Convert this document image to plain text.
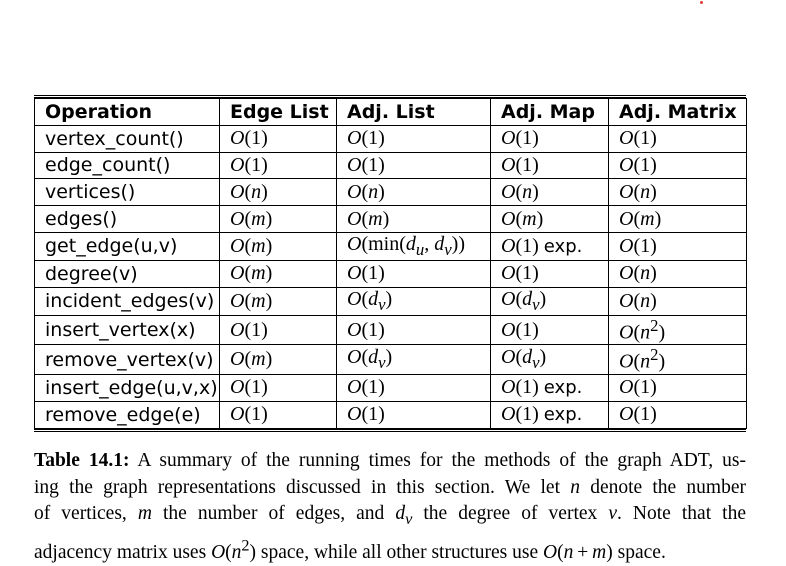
Operation	Edge List	Adj. List	Adj. Map	Adj. Matrix
vertex_count()	O(1)	O(1)	O(1)	O(1)
edge_count()	O(1)	O(1)	O(1)	O(1)
vertices()	O(n)	O(n)	O(n)	O(n)
edges()	O(m)	O(m)	O(m)	O(m)
get_edge(u,v)	O(m)	$O(\min(d_u$, $d_v$))	O(1) exp.	O(1)
degree(v)	O(m)	O(1)	O(1)	O(n)
incident_edges(v)	O(m)	$O(d_v)$	$O(d_v)$	O(n)
insert_vertex(x)	O(1)	O(1)	O(1)	$O(n^2)$
remove_vertex(v)	O(m)	$O(d_v)$	$O(d_v)$	$O(n^2)$
insert_edge(u,v,x)	O(1)	O(1)	O(1) exp.	O(1)
remove_edge(e)	O(1)	O(1)	O(1) exp.	O(1)
Table 14.1: A summary of the running times for the methods of the graph ADT, us-
ing the graph representations discussed in this section. We let n denote the number
of vertices, m the number of edges, and $d_v$ the degree of vertex v. Note that the
adjacency matrix uses $O(n^2)$ space, while all other structures use O(n + m) space.
